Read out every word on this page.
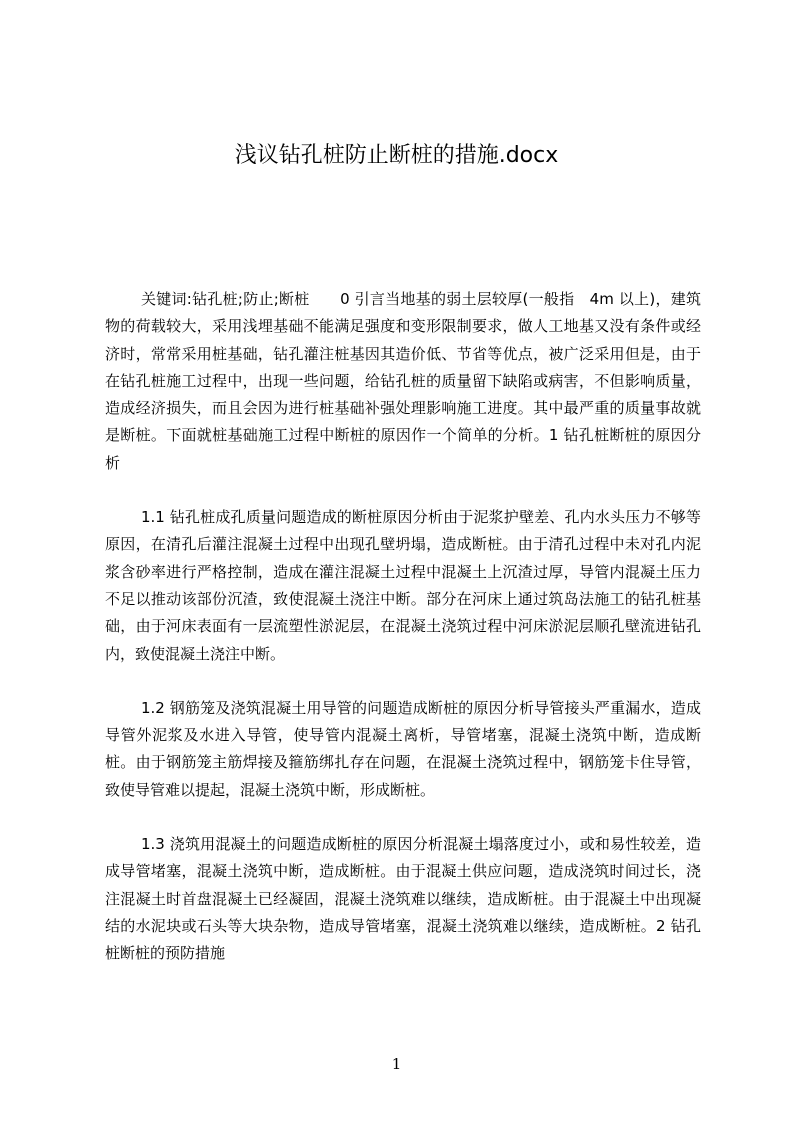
浅议钻孔桩防止断桩的措施.docx

关键词:钻孔桩;防止;断桩　　0 引言当地基的弱土层较厚(一般指　4m 以上)，建筑物的荷载较大，采用浅埋基础不能满足强度和变形限制要求，做人工地基又没有条件或经济时，常常采用桩基础，钻孔灌注桩基因其造价低、节省等优点，被广泛采用但是，由于在钻孔桩施工过程中，出现一些问题，给钻孔桩的质量留下缺陷或病害，不但影响质量，造成经济损失，而且会因为进行桩基础补强处理影响施工进度。其中最严重的质量事故就是断桩。下面就桩基础施工过程中断桩的原因作一个简单的分析。1 钻孔桩断桩的原因分析

1.1 钻孔桩成孔质量问题造成的断桩原因分析由于泥浆护壁差、孔内水头压力不够等原因，在清孔后灌注混凝土过程中出现孔壁坍塌，造成断桩。由于清孔过程中未对孔内泥浆含砂率进行严格控制，造成在灌注混凝土过程中混凝土上沉渣过厚，导管内混凝土压力不足以推动该部份沉渣，致使混凝土浇注中断。部分在河床上通过筑岛法施工的钻孔桩基础，由于河床表面有一层流塑性淤泥层，在混凝土浇筑过程中河床淤泥层顺孔壁流进钻孔内，致使混凝土浇注中断。

1.2 钢筋笼及浇筑混凝土用导管的问题造成断桩的原因分析导管接头严重漏水，造成导管外泥浆及水进入导管，使导管内混凝土离析，导管堵塞，混凝土浇筑中断，造成断桩。由于钢筋笼主筋焊接及箍筋绑扎存在问题，在混凝土浇筑过程中，钢筋笼卡住导管，致使导管难以提起，混凝土浇筑中断，形成断桩。

1.3 浇筑用混凝土的问题造成断桩的原因分析混凝土塌落度过小，或和易性较差，造成导管堵塞，混凝土浇筑中断，造成断桩。由于混凝土供应问题，造成浇筑时间过长，浇注混凝土时首盘混凝土已经凝固，混凝土浇筑难以继续，造成断桩。由于混凝土中出现凝结的水泥块或石头等大块杂物，造成导管堵塞，混凝土浇筑难以继续，造成断桩。2 钻孔桩断桩的预防措施

1
